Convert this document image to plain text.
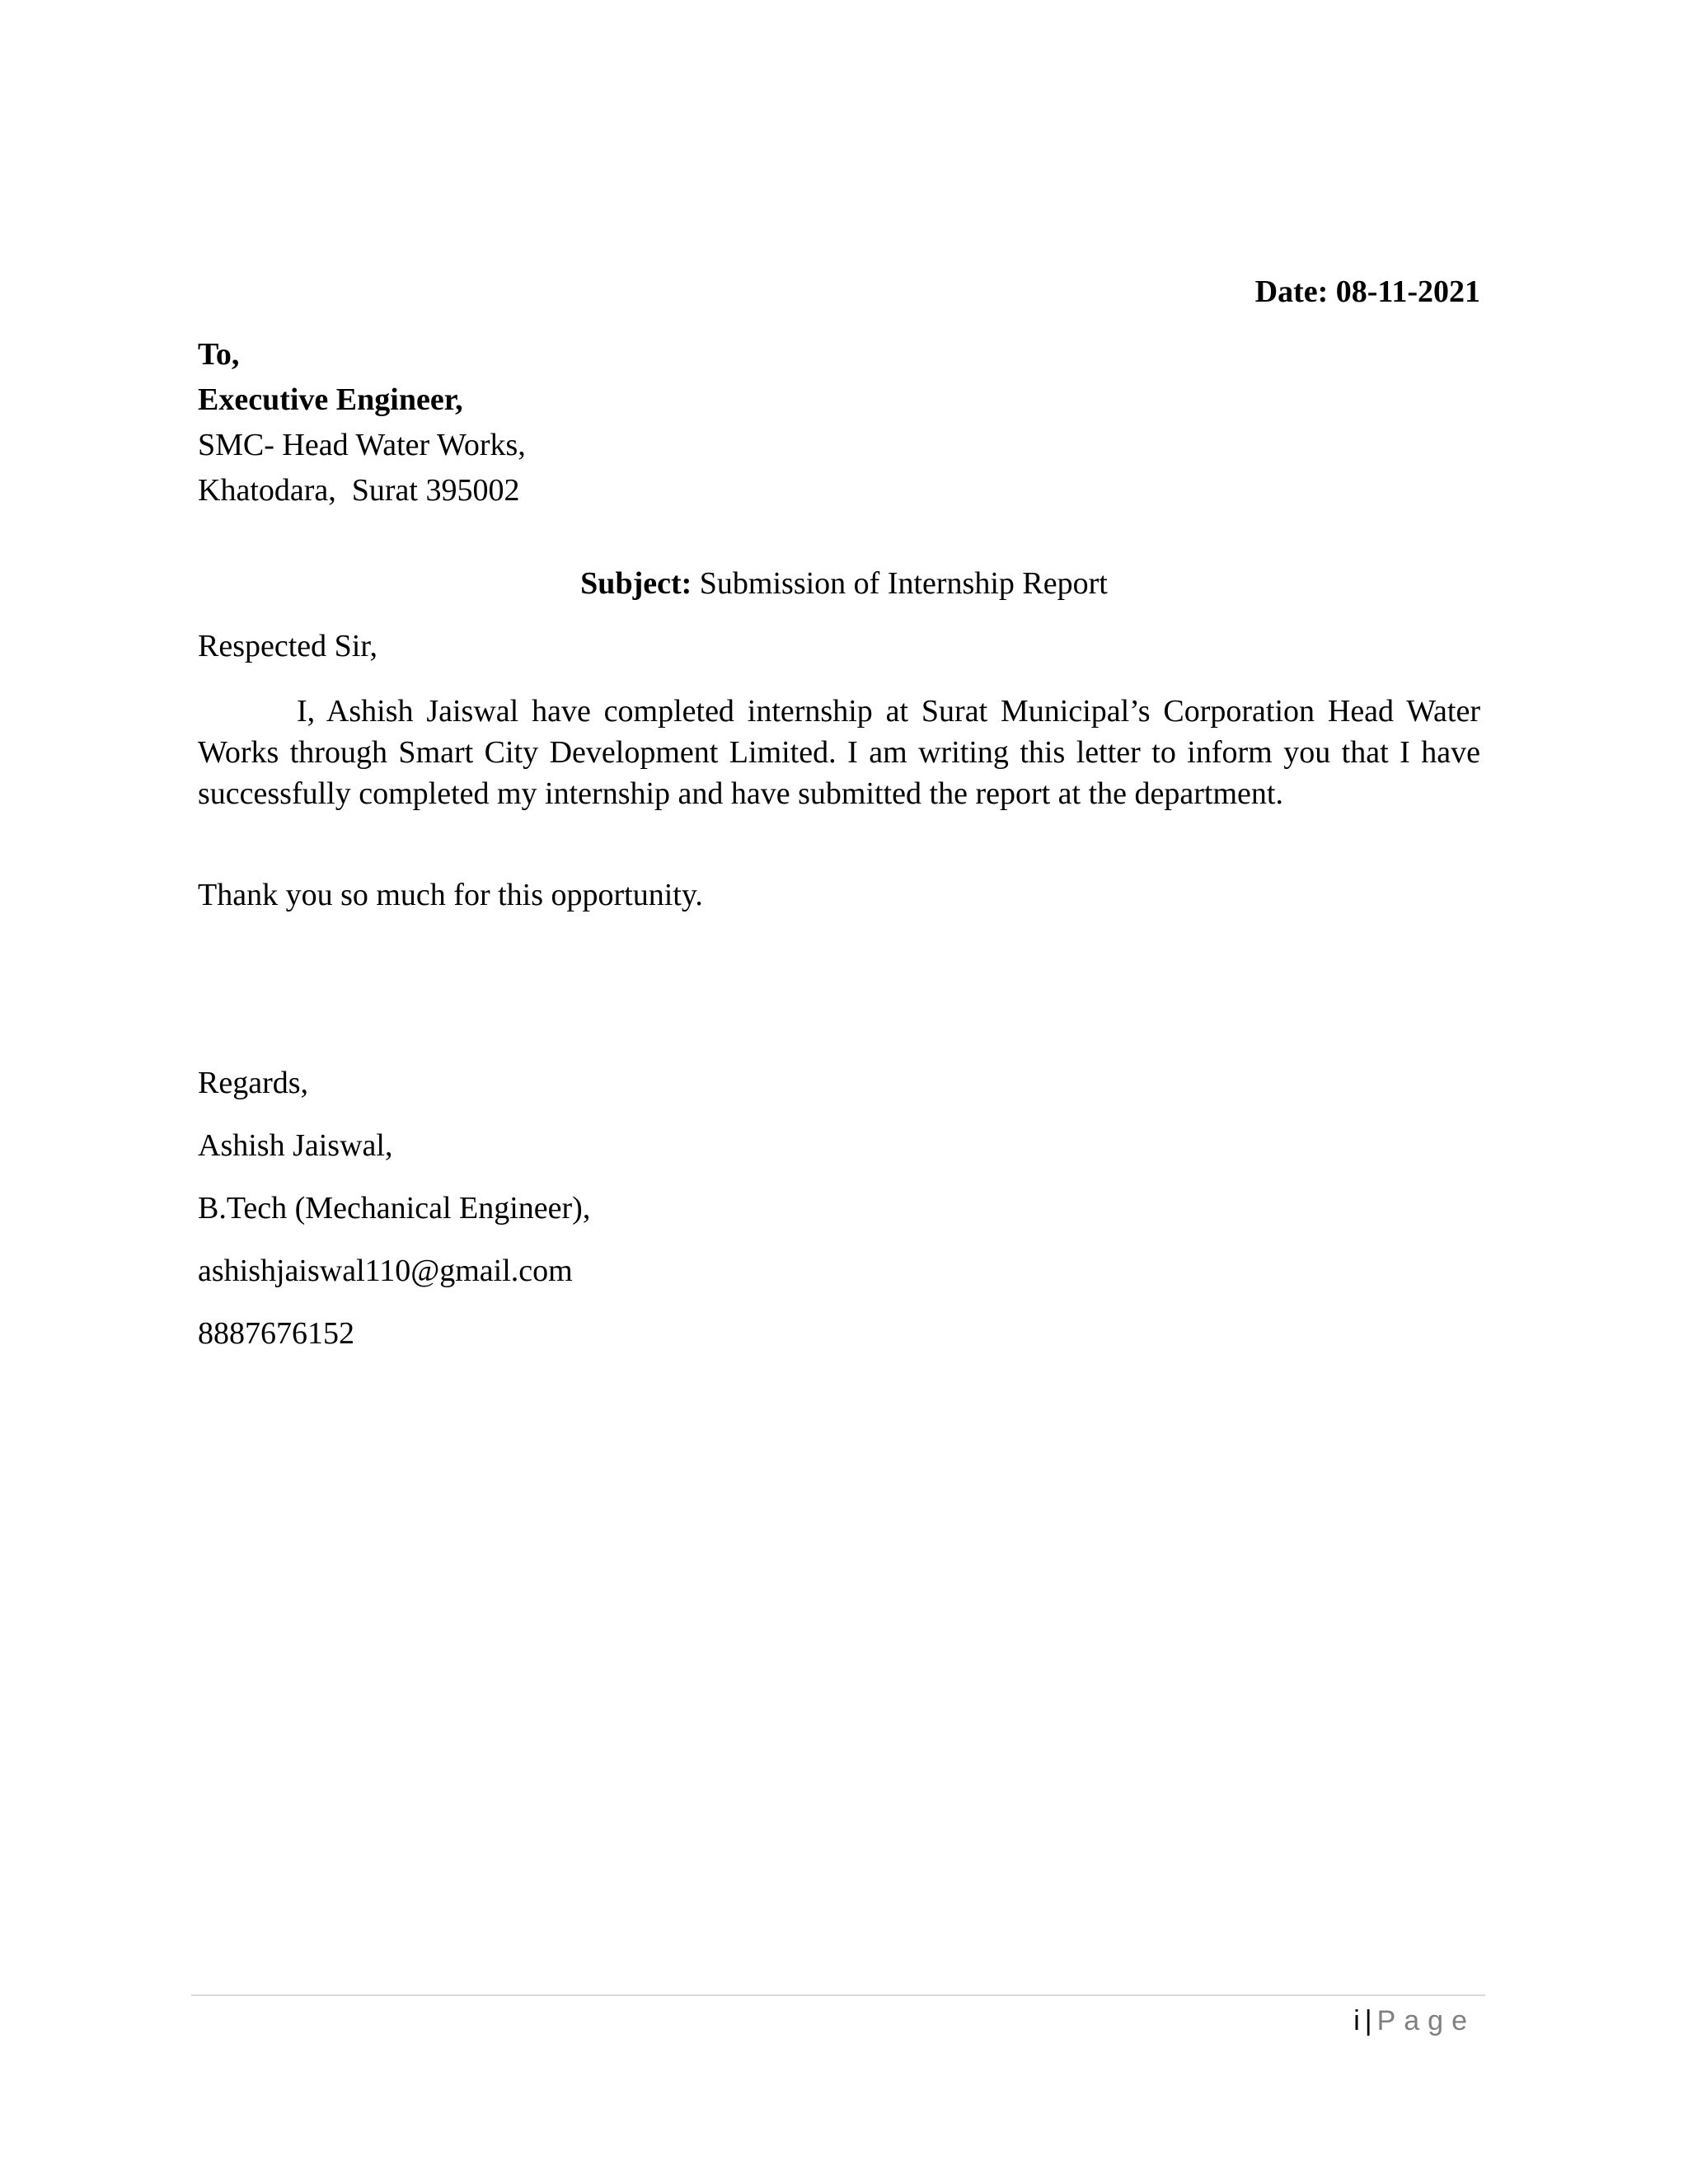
Date: 08-11-2021
To,
Executive Engineer,
SMC- Head Water Works,
Khatodara,  Surat 395002
Subject: Submission of Internship Report
Respected Sir,
I, Ashish Jaiswal have completed internship at Surat Municipal’s Corporation Head Water Works through Smart City Development Limited. I am writing this letter to inform you that I have successfully completed my internship and have submitted the report at the department.
Thank you so much for this opportunity.
Regards,
Ashish Jaiswal,
B.Tech (Mechanical Engineer),
ashishjaiswal110@gmail.com
8887676152
i | Page
